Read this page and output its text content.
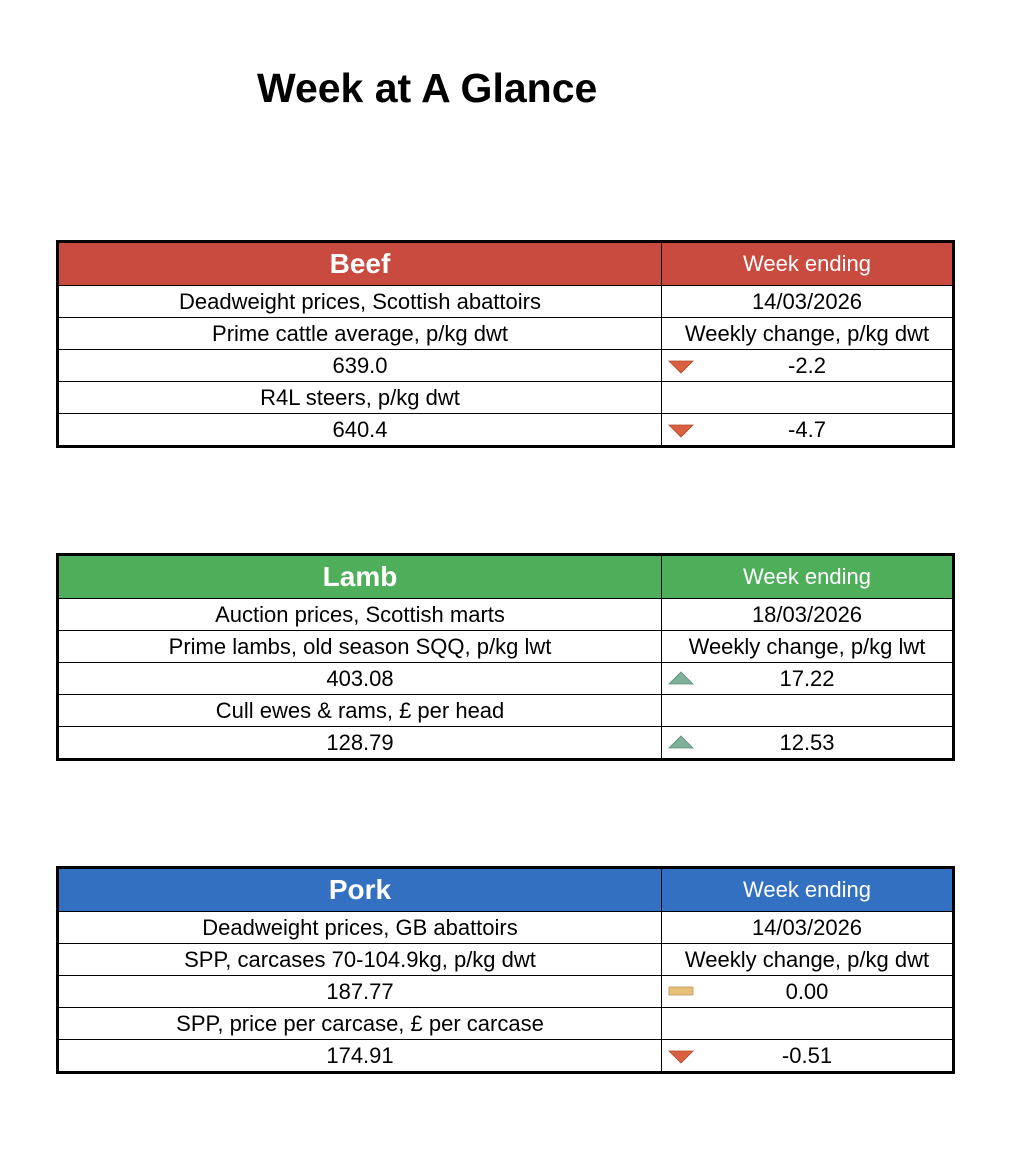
Week at A Glance
Beef	Week ending
Deadweight prices, Scottish abattoirs	14/03/2026
Prime cattle average, p/kg dwt	Weekly change, p/kg dwt
639.0	-2.2
R4L steers, p/kg dwt	
640.4	-4.7
Lamb	Week ending
Auction prices, Scottish marts	18/03/2026
Prime lambs, old season SQQ, p/kg lwt	Weekly change, p/kg lwt
403.08	17.22
Cull ewes & rams, £ per head	
128.79	12.53
Pork	Week ending
Deadweight prices, GB abattoirs	14/03/2026
SPP, carcases 70-104.9kg, p/kg dwt	Weekly change, p/kg dwt
187.77	0.00
SPP, price per carcase, £ per carcase	
174.91	-0.51
